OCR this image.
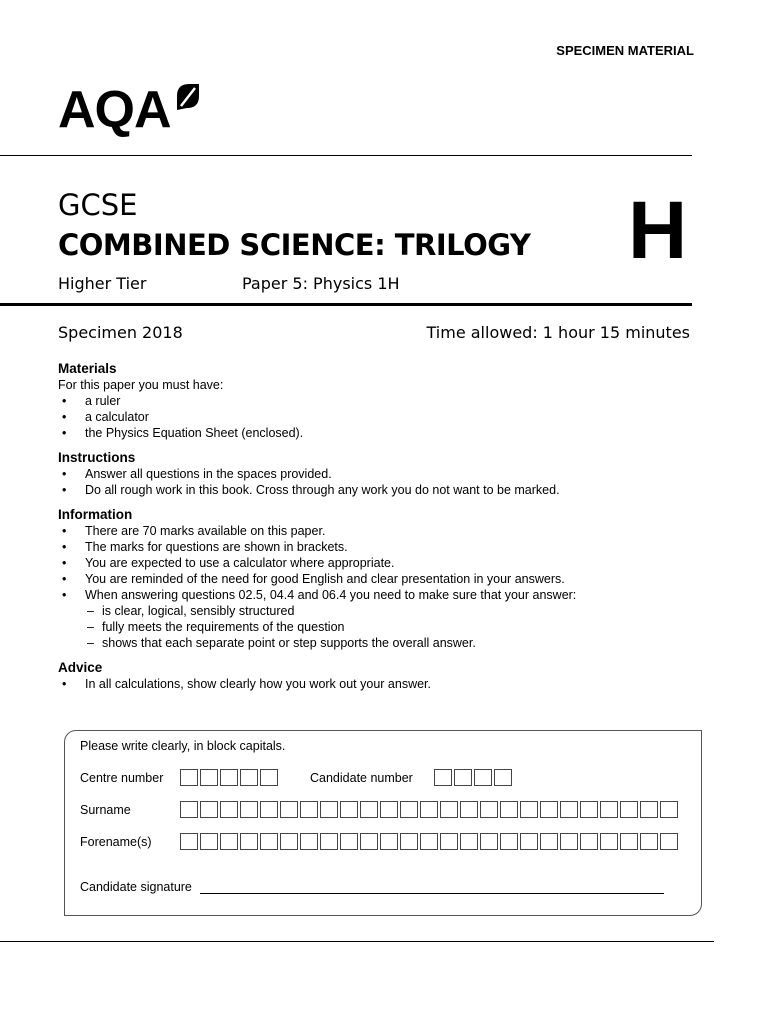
SPECIMEN MATERIAL
AQA
GCSE
COMBINED SCIENCE: TRILOGY
Higher Tier	Paper 5: Physics 1H
H
Specimen 2018	Time allowed: 1 hour 15 minutes
Materials
For this paper you must have:
• a ruler
• a calculator
• the Physics Equation Sheet (enclosed).
Instructions
• Answer all questions in the spaces provided.
• Do all rough work in this book. Cross through any work you do not want to be marked.
Information
• There are 70 marks available on this paper.
• The marks for questions are shown in brackets.
• You are expected to use a calculator where appropriate.
• You are reminded of the need for good English and clear presentation in your answers.
• When answering questions 02.5, 04.4 and 06.4 you need to make sure that your answer:
– is clear, logical, sensibly structured
– fully meets the requirements of the question
– shows that each separate point or step supports the overall answer.
Advice
• In all calculations, show clearly how you work out your answer.
Please write clearly, in block capitals.
Centre number	Candidate number
Surname
Forename(s)
Candidate signature
